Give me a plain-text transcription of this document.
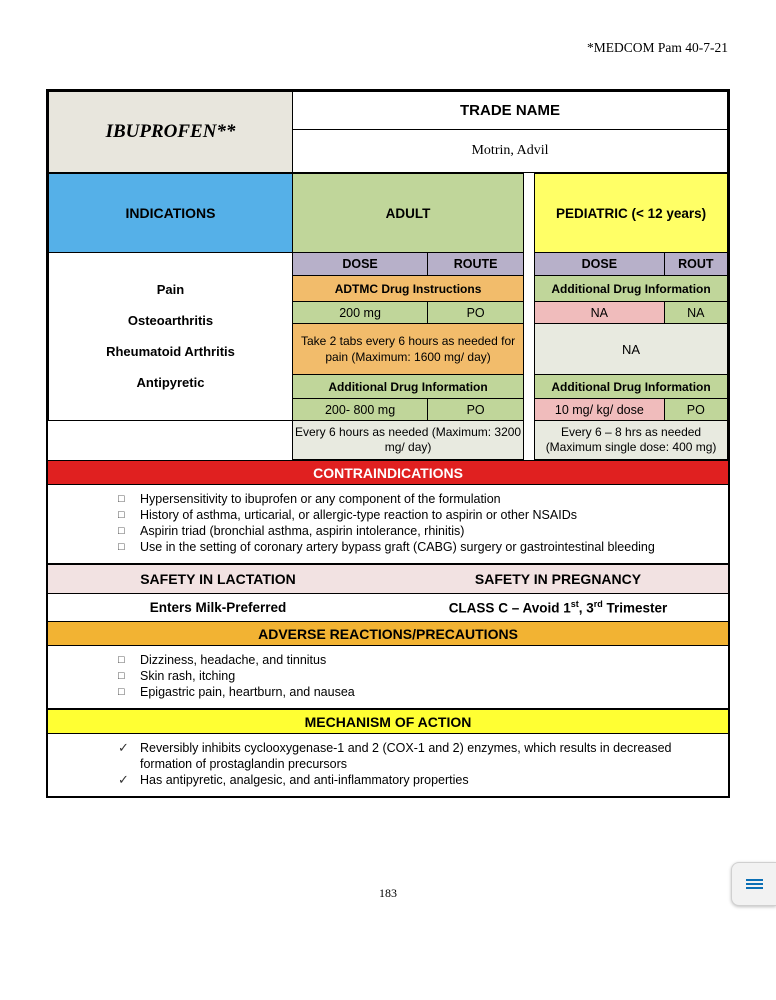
*MEDCOM Pam 40-7-21
IBUPROFEN**	TRADE NAME
Motrin, Advil
INDICATIONS	ADULT			PEDIATRIC (< 12 years)	

Pain
Osteoarthritis
Rheumatoid Arthritis
Antipyretic	DOSE	ROUTE		DOSE	ROUT
	ADTMC Drug Instructions			Additional Drug Information	
	200 mg	PO		NA	NA
	Take 2 tabs every 6 hours as needed for pain (Maximum: 1600 mg/ day)			NA	
	Additional Drug Information			Additional Drug Information	
	200- 800 mg	PO		10 mg/ kg/ dose	PO
	Every 6 hours as needed (Maximum: 3200 mg/ day)			Every 6 – 8 hrs as needed (Maximum single dose: 400 mg)	
CONTRAINDICATIONS
□	Hypersensitivity to ibuprofen or any component of the formulation
□	History of asthma, urticarial, or allergic-type reaction to aspirin or other NSAIDs
□	Aspirin triad (bronchial asthma, aspirin intolerance, rhinitis)
□	Use in the setting of coronary artery bypass graft (CABG) surgery or gastrointestinal bleeding
SAFETY IN LACTATION	SAFETY IN PREGNANCY
Enters Milk-Preferred	CLASS C – Avoid 1st, 3rd Trimester
ADVERSE REACTIONS/PRECAUTIONS
□	Dizziness, headache, and tinnitus
□	Skin rash, itching
□	Epigastric pain, heartburn, and nausea
MECHANISM OF ACTION
✓ Reversibly inhibits cyclooxygenase-1 and 2 (COX-1 and 2) enzymes, which results in decreased formation of prostaglandin precursors
✓ Has antipyretic, analgesic, and anti-inflammatory properties
183
